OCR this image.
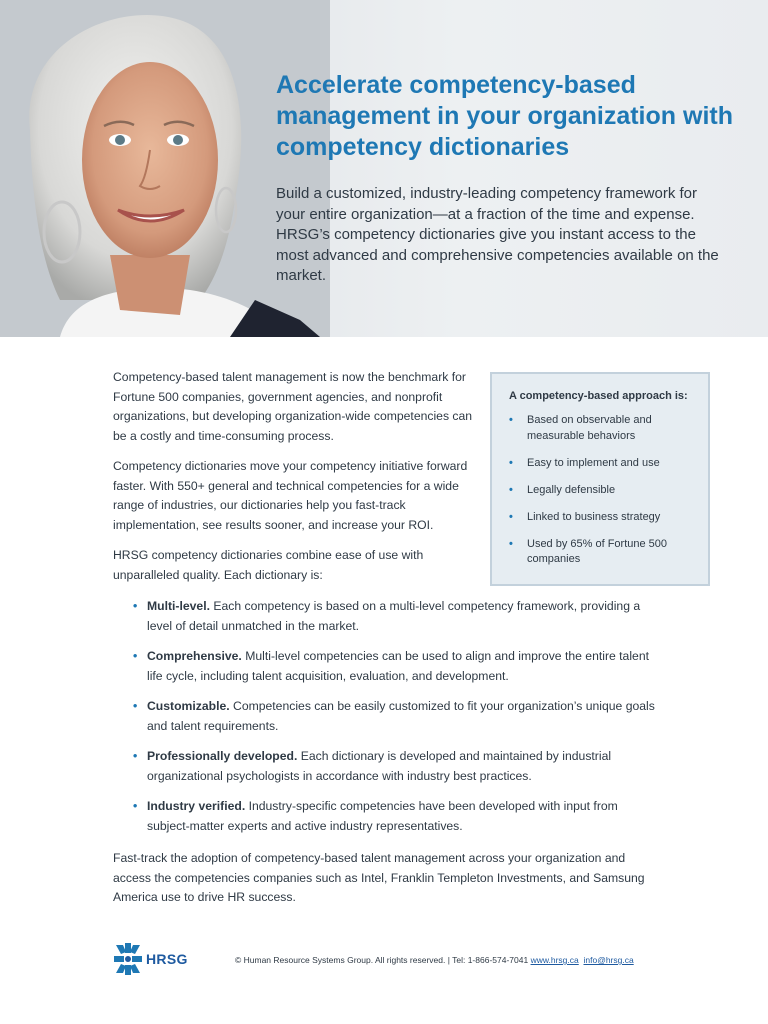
Accelerate competency-based management in your organization with competency dictionaries

Build a customized, industry-leading competency framework for your entire organization—at a fraction of the time and expense. HRSG’s competency dictionaries give you instant access to the most advanced and comprehensive competencies available on the market.

Competency-based talent management is now the benchmark for Fortune 500 companies, government agencies, and nonprofit organizations, but developing organization-wide competencies can be a costly and time-consuming process.

Competency dictionaries move your competency initiative forward faster. With 550+ general and technical competencies for a wide range of industries, our dictionaries help you fast-track implementation, see results sooner, and increase your ROI.

HRSG competency dictionaries combine ease of use with unparalleled quality. Each dictionary is:

A competency-based approach is:

• Based on observable and measurable behaviors
• Easy to implement and use
• Legally defensible
• Linked to business strategy
• Used by 65% of Fortune 500 companies
• Multi-level. Each competency is based on a multi-level competency framework, providing a level of detail unmatched in the market.
• Comprehensive. Multi-level competencies can be used to align and improve the entire talent life cycle, including talent acquisition, evaluation, and development.
• Customizable. Competencies can be easily customized to fit your organization’s unique goals and talent requirements.
• Professionally developed. Each dictionary is developed and maintained by industrial organizational psychologists in accordance with industry best practices.
• Industry verified. Industry-specific competencies have been developed with input from subject-matter experts and active industry representatives.

Fast-track the adoption of competency-based talent management across your organization and access the competencies companies such as Intel, Franklin Templeton Investments, and Samsung America use to drive HR success.

HRSG	© Human Resource Systems Group. All rights reserved. | Tel: 1-866-574-7041 www.hrsg.ca info@hrsg.ca
